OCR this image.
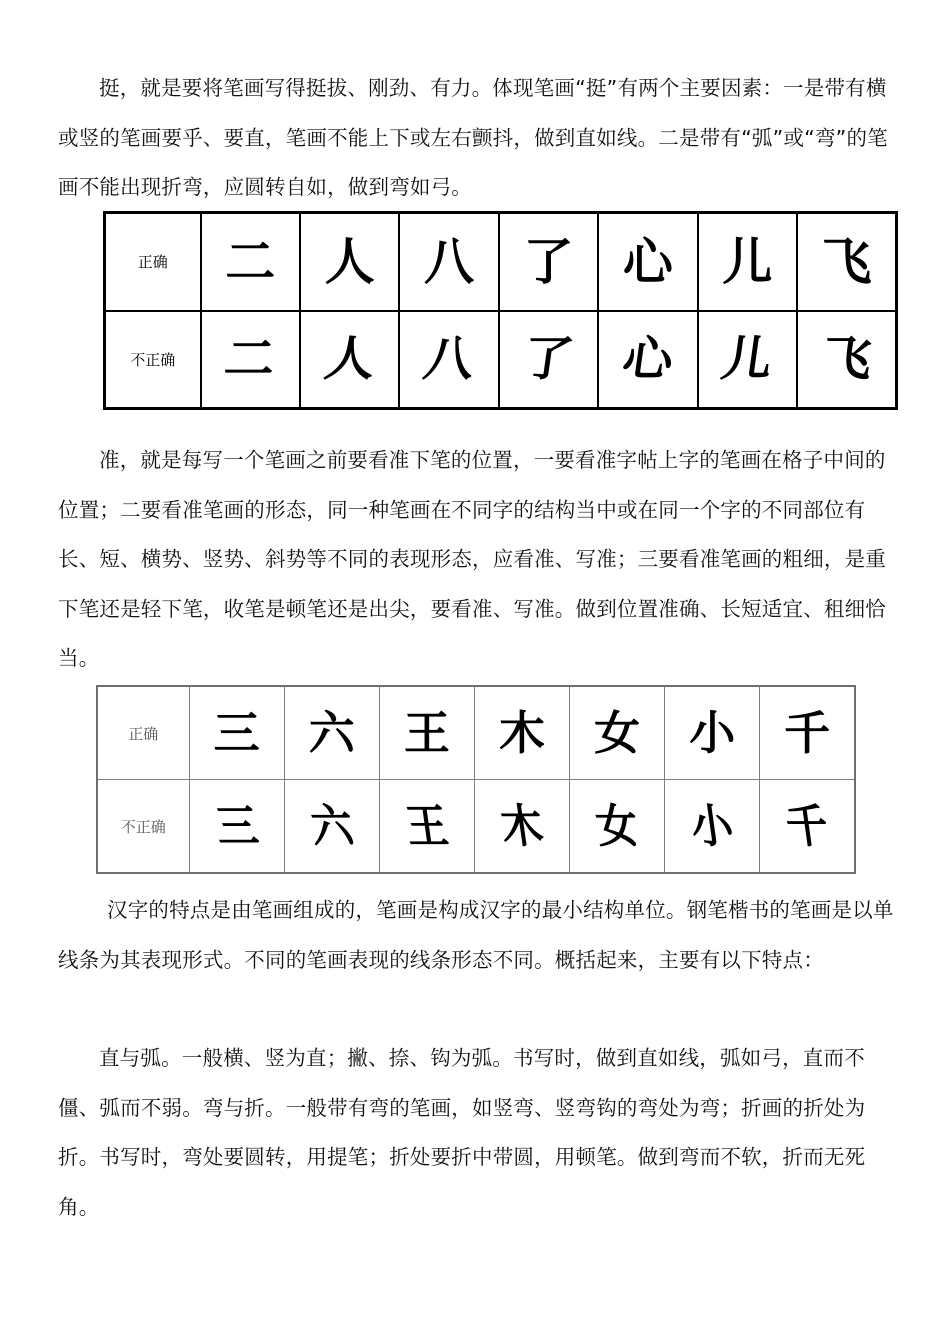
挺，就是要将笔画写得挺拔、刚劲、有力。体现笔画“挺”有两个主要因素：一是带有横或竖的笔画要乎、要直，笔画不能上下或左右颤抖，做到直如线。二是带有“弧”或“弯”的笔画不能出现折弯，应圆转自如，做到弯如弓。

正确	二	人	八	了	心	儿	飞
不正确	二	人	八	了	心	儿	飞

准，就是每写一个笔画之前要看准下笔的位置，一要看准字帖上字的笔画在格子中间的位置；二要看准笔画的形态，同一种笔画在不同字的结构当中或在同一个字的不同部位有长、短、横势、竖势、斜势等不同的表现形态，应看准、写准；三要看准笔画的粗细，是重下笔还是轻下笔，收笔是顿笔还是出尖，要看准、写准。做到位置准确、长短适宜、租细恰当。

正确	三	六	王	木	女	小	千
不正确	三	六	王	木	女	小	千

汉字的特点是由笔画组成的，笔画是构成汉字的最小结构单位。钢笔楷书的笔画是以单线条为其表现形式。不同的笔画表现的线条形态不同。概括起来，主要有以下特点：

直与弧。一般横、竖为直；撇、捺、钩为弧。书写时，做到直如线，弧如弓，直而不僵、弧而不弱。弯与折。一般带有弯的笔画，如竖弯、竖弯钩的弯处为弯；折画的折处为折。书写时，弯处要圆转，用提笔；折处要折中带圆，用顿笔。做到弯而不软，折而无死角。
